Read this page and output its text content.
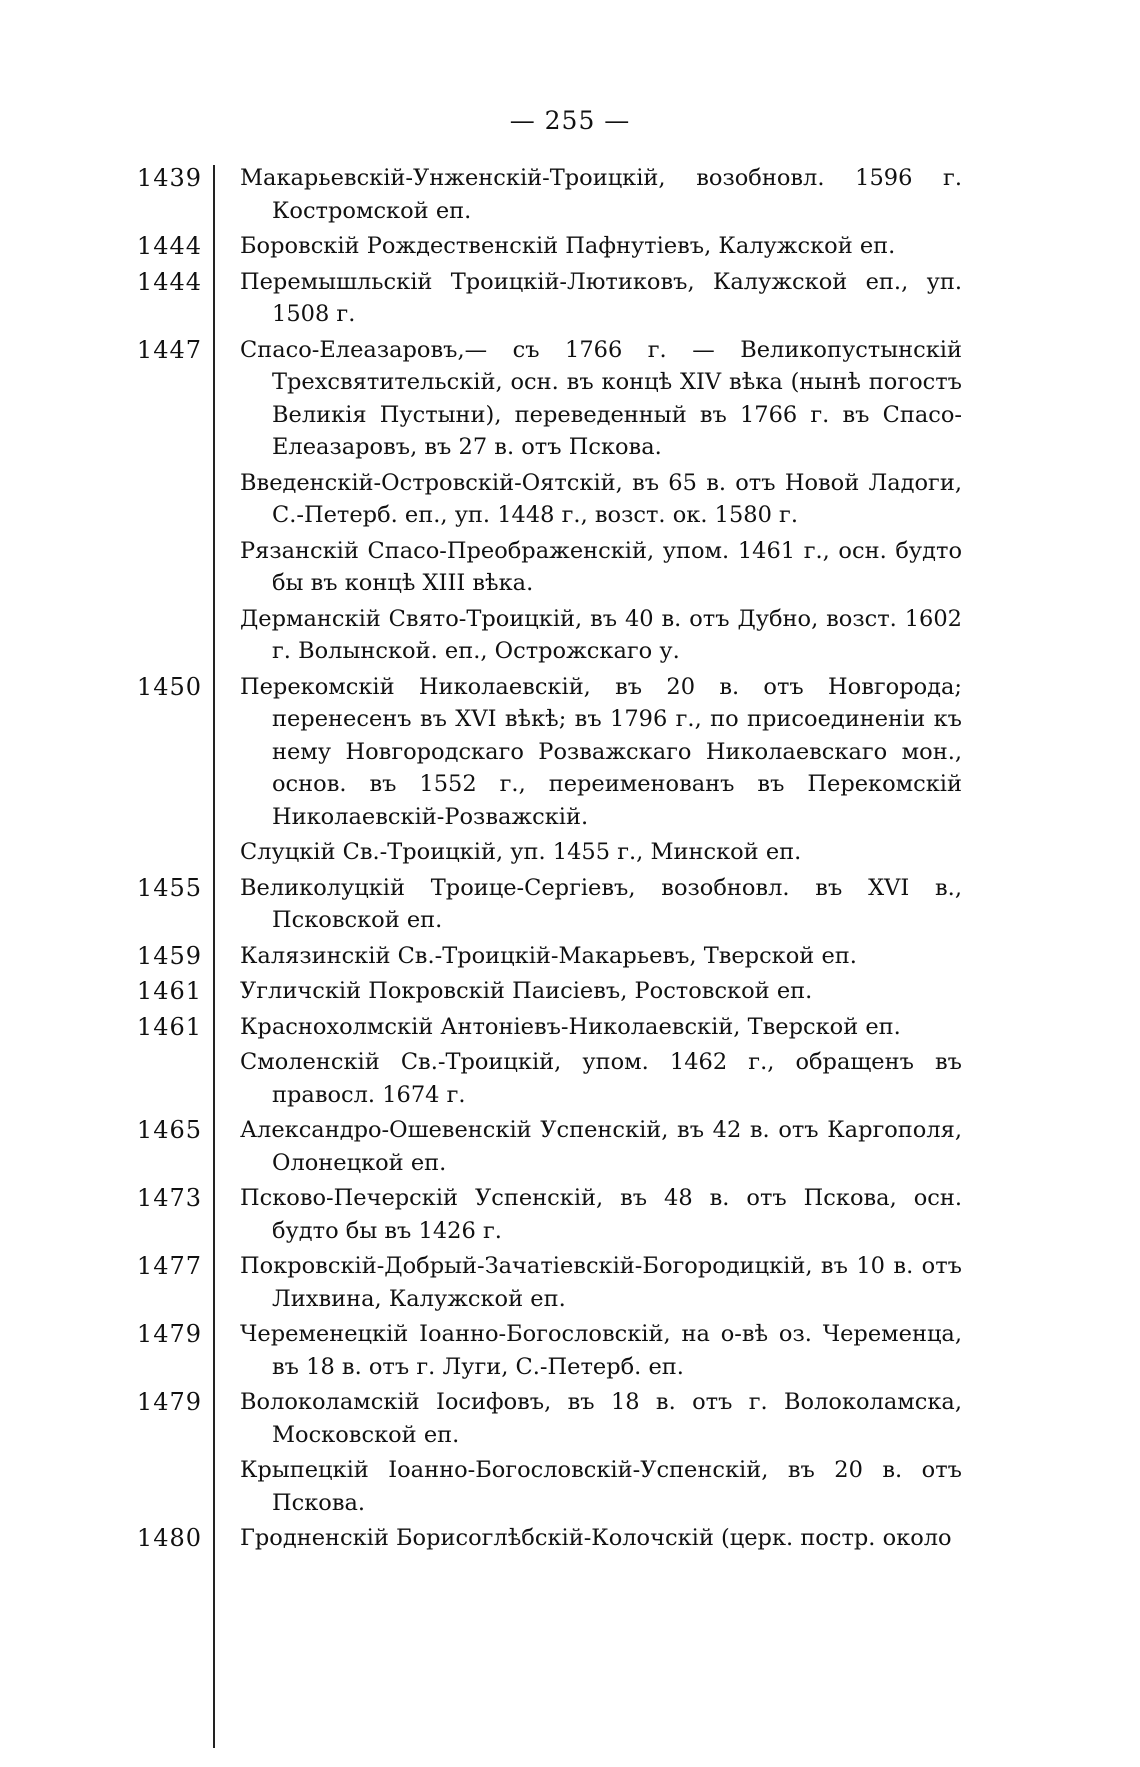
— 255 —
1439 Макарьевскій-Унженскій-Троицкій, возобновл. 1596 г. Костромской еп.
1444 Боровскій Рождественскій Пафнутіевъ, Калужской еп.
1444 Перемышльскій Троицкій-Лютиковъ, Калужской еп., уп. 1508 г.
1447 Спасо-Елеазаровъ,— съ 1766 г. — Великопустынскій Трехсвятительскій, осн. въ концѣ XIV вѣка (нынѣ погостъ Великія Пустыни), переведенный въ 1766 г. въ Спасо-Елеазаровъ, въ 27 в. отъ Пскова.
Введенскій-Островскій-Оятскій, въ 65 в. отъ Новой Ладоги, С.-Петерб. еп., уп. 1448 г., возст. ок. 1580 г.
Рязанскій Спасо-Преображенскій, упом. 1461 г., осн. будто бы въ концѣ XIII вѣка.
Дерманскій Свято-Троицкій, въ 40 в. отъ Дубно, возст. 1602 г. Волынской. еп., Острожскаго у.
1450 Перекомскій Николаевскій, въ 20 в. отъ Новгорода; перенесенъ въ XVI вѣкѣ; въ 1796 г., по присоединеніи къ нему Новгородскаго Розважскаго Николаевскаго мон., основ. въ 1552 г., переименованъ въ Перекомскій Николаевскій-Розважскій.
Слуцкій Св.-Троицкій, уп. 1455 г., Минской еп.
1455 Великолуцкій Троице-Сергіевъ, возобновл. въ XVI в., Псковской еп.
1459 Калязинскій Св.-Троицкій-Макарьевъ, Тверской еп.
1461 Угличскій Покровскій Паисіевъ, Ростовской еп.
1461 Краснохолмскій Антоніевъ-Николаевскій, Тверской еп.
Смоленскій Св.-Троицкій, упом. 1462 г., обращенъ въ правосл. 1674 г.
1465 Александро-Ошевенскій Успенскій, въ 42 в. отъ Каргополя, Олонецкой еп.
1473 Псково-Печерскій Успенскій, въ 48 в. отъ Пскова, осн. будто бы въ 1426 г.
1477 Покровскій-Добрый-Зачатіевскій-Богородицкій, въ 10 в. отъ Лихвина, Калужской еп.
1479 Череменецкій Іоанно-Богословскій, на о-вѣ оз. Череменца, въ 18 в. отъ г. Луги, С.-Петерб. еп.
1479 Волоколамскій Іосифовъ, въ 18 в. отъ г. Волоколамска, Московской еп.
Крыпецкій Іоанно-Богословскій-Успенскій, въ 20 в. отъ Пскова.
1480 Гродненскій Борисоглѣбскій-Колочскій (церк. постр. около
